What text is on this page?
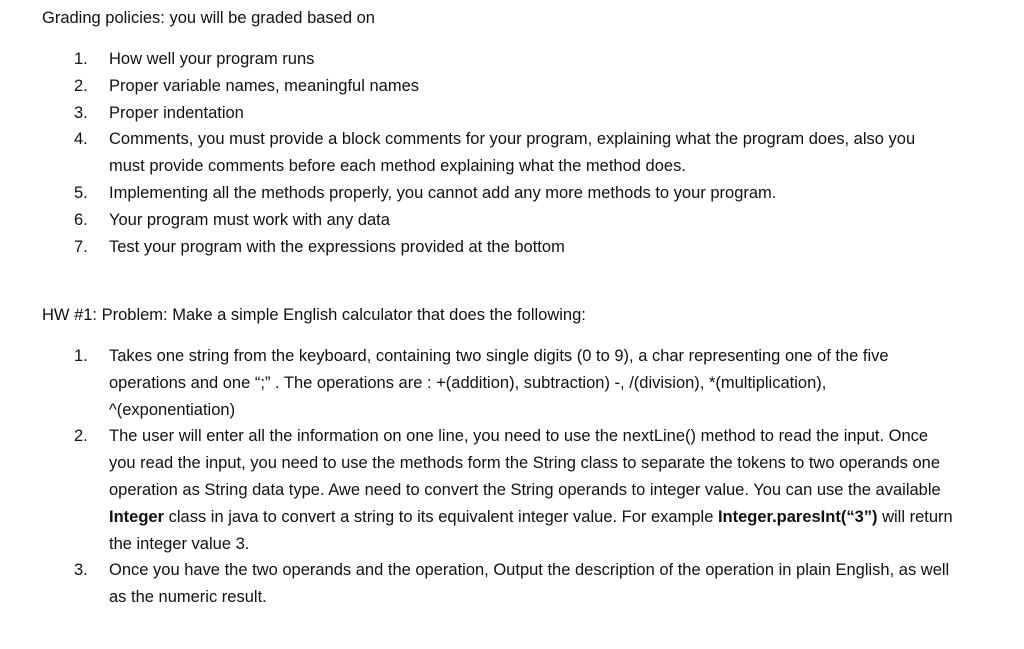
Grading policies: you will be graded based on
1. How well your program runs
2. Proper variable names, meaningful names
3. Proper indentation
4. Comments, you must provide a block comments for your program, explaining what the program does, also you must provide comments before each method explaining what the method does.
5. Implementing all the methods properly, you cannot add any more methods to your program.
6. Your program must work with any data
7. Test your program with the expressions provided at the bottom
HW #1: Problem: Make a simple English calculator that does the following:
1. Takes one string from the keyboard, containing two single digits (0 to 9), a char representing one of the five operations and one “;” . The operations are : +(addition), subtraction) -, /(division), *(multiplication), ^(exponentiation)
2. The user will enter all the information on one line, you need to use the nextLine() method to read the input. Once you read the input, you need to use the methods form the String class to separate the tokens to two operands one operation as String data type. Awe need to convert the String operands to integer value. You can use the available Integer class in java to convert a string to its equivalent integer value. For example Integer.paresInt(“3”) will return the integer value 3.
3. Once you have the two operands and the operation, Output the description of the operation in plain English, as well as the numeric result.
